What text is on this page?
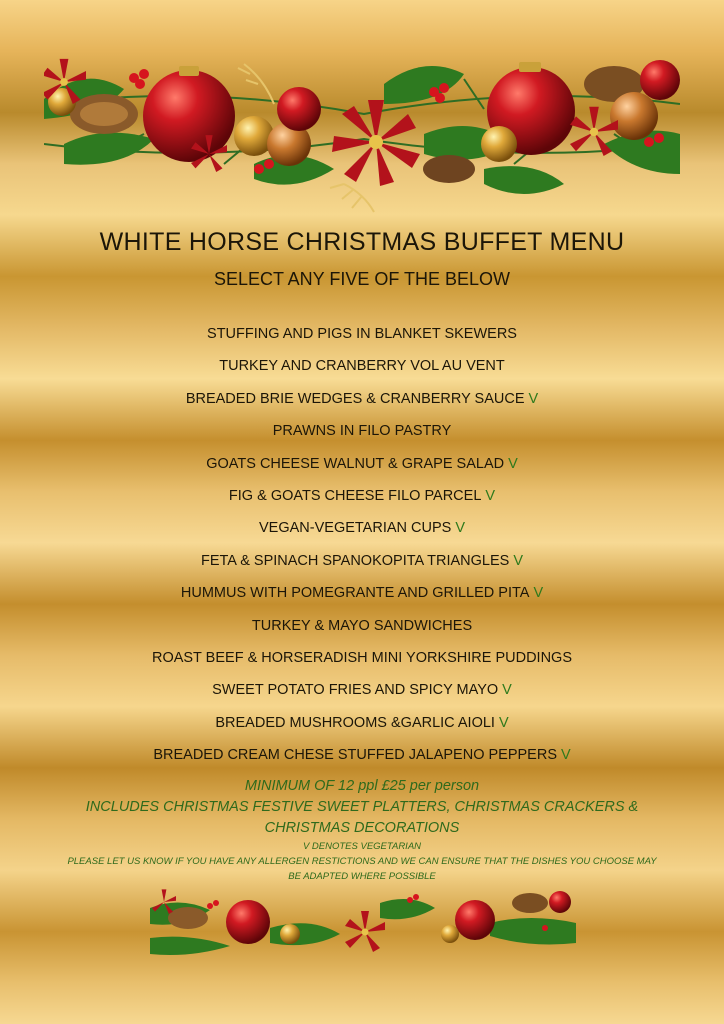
WHITE HORSE CHRISTMAS BUFFET MENU
SELECT ANY FIVE OF THE BELOW
STUFFING AND PIGS IN BLANKET SKEWERS
TURKEY AND CRANBERRY VOL AU VENT
BREADED BRIE WEDGES & CRANBERRY SAUCE V
PRAWNS IN FILO PASTRY
GOATS CHEESE WALNUT & GRAPE SALAD V
FIG & GOATS CHEESE FILO PARCEL V
VEGAN-VEGETARIAN CUPS V
FETA & SPINACH SPANOKOPITA TRIANGLES V
HUMMUS WITH POMEGRANTE AND GRILLED PITA V
TURKEY & MAYO SANDWICHES
ROAST BEEF & HORSERADISH MINI YORKSHIRE PUDDINGS
SWEET POTATO FRIES AND SPICY MAYO V
BREADED MUSHROOMS &GARLIC AIOLI V
BREADED CREAM CHESE STUFFED JALAPENO PEPPERS V
MINIMUM OF 12 ppl £25 per person
INCLUDES CHRISTMAS FESTIVE SWEET PLATTERS, CHRISTMAS CRACKERS & CHRISTMAS DECORATIONS
V DENOTES VEGETARIAN
PLEASE LET US KNOW IF YOU HAVE ANY ALLERGEN RESTICTIONS AND WE CAN ENSURE THAT THE DISHES YOU CHOOSE MAY BE ADAPTED WHERE POSSIBLE
